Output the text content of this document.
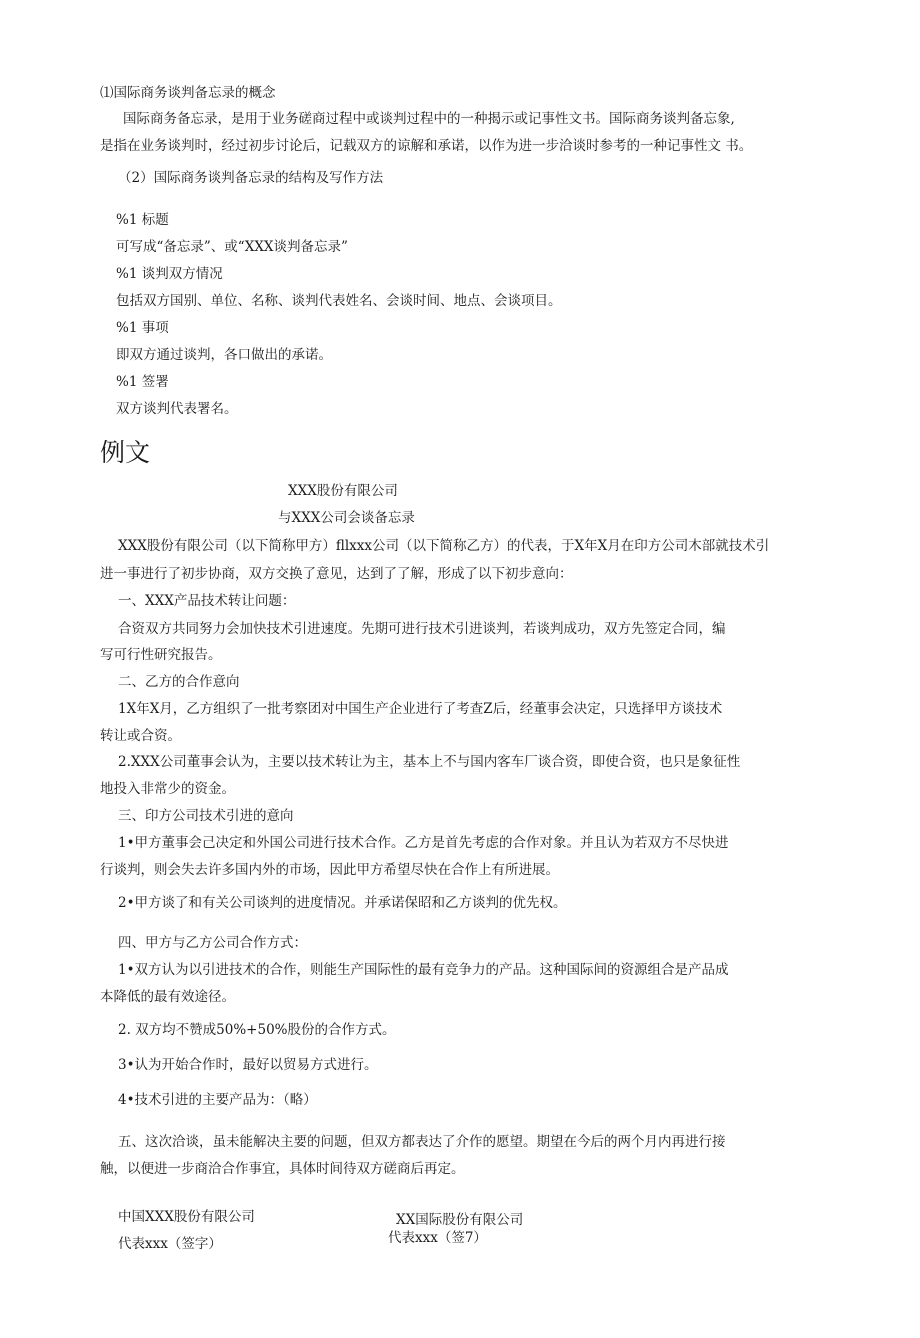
⑴国际商务谈判备忘录的概念
国际商务备忘录，是用于业务磋商过程中或谈判过程中的一种揭示或记事性文书。国际商务谈判备忘象,
是指在业务谈判时，经过初步讨论后，记载双方的谅解和承诺，以作为进一步洽谈时参考的一种记事性文 书。
（2）国际商务谈判备忘录的结构及写作方法
%1 标题
可写成“备忘录”、或“XXX谈判备忘录”
%1 谈判双方情况
包括双方国别、单位、名称、谈判代表姓名、会谈时间、地点、会谈项目。
%1 事项
即双方通过谈判，各口做出的承诺。
%1 签署
双方谈判代表署名。
例文
XXX股份有限公司
与XXX公司会谈备忘录
XXX股份有限公司（以下简称甲方）fllxxx公司（以下简称乙方）的代表，于X年X月在印方公司木部就技术引
进一事进行了初步协商，双方交换了意见，达到了了解，形成了以下初步意向：
一、XXX产品技术转让问题：
合资双方共同努力会加快技术引进速度。先期可进行技术引进谈判，若谈判成功，双方先签定合同，编
写可行性研究报告。
二、乙方的合作意向
1X年X月，乙方组织了一批考察团对中国生产企业进行了考查Z后，经董事会决定，只选择甲方谈技术
转让或合资。
2.XXX公司董事会认为，主要以技术转让为主，基本上不与国内客车厂谈合资，即使合资，也只是象征性
地投入非常少的资金。
三、印方公司技术引进的意向
1•甲方董事会己决定和外国公司进行技术合作。乙方是首先考虑的合作对象。并且认为若双方不尽快进
行谈判，则会失去许多国内外的市场，因此甲方希望尽快在合作上有所进展。
2•甲方谈了和有关公司谈判的进度情况。并承诺保昭和乙方谈判的优先权。
四、甲方与乙方公司合作方式：
1•双方认为以引进技术的合作，则能生产国际性的最有竞争力的产品。这种国际间的资源组合是产品成
本降低的最有效途径。
2. 双方均不赞成50%+50%股份的合作方式。
3•认为开始合作时，最好以贸易方式进行。
4•技术引进的主要产品为：（略）
五、这次洽谈，虽未能解决主要的问题，但双方都表达了介作的愿望。期望在今后的两个月内再进行接
触，以便进一步商洽合作事宜，具体时间待双方磋商后再定。
中国XXX股份有限公司
代表xxx（签字）
XX国际股份有限公司
代表xxx（签7）
